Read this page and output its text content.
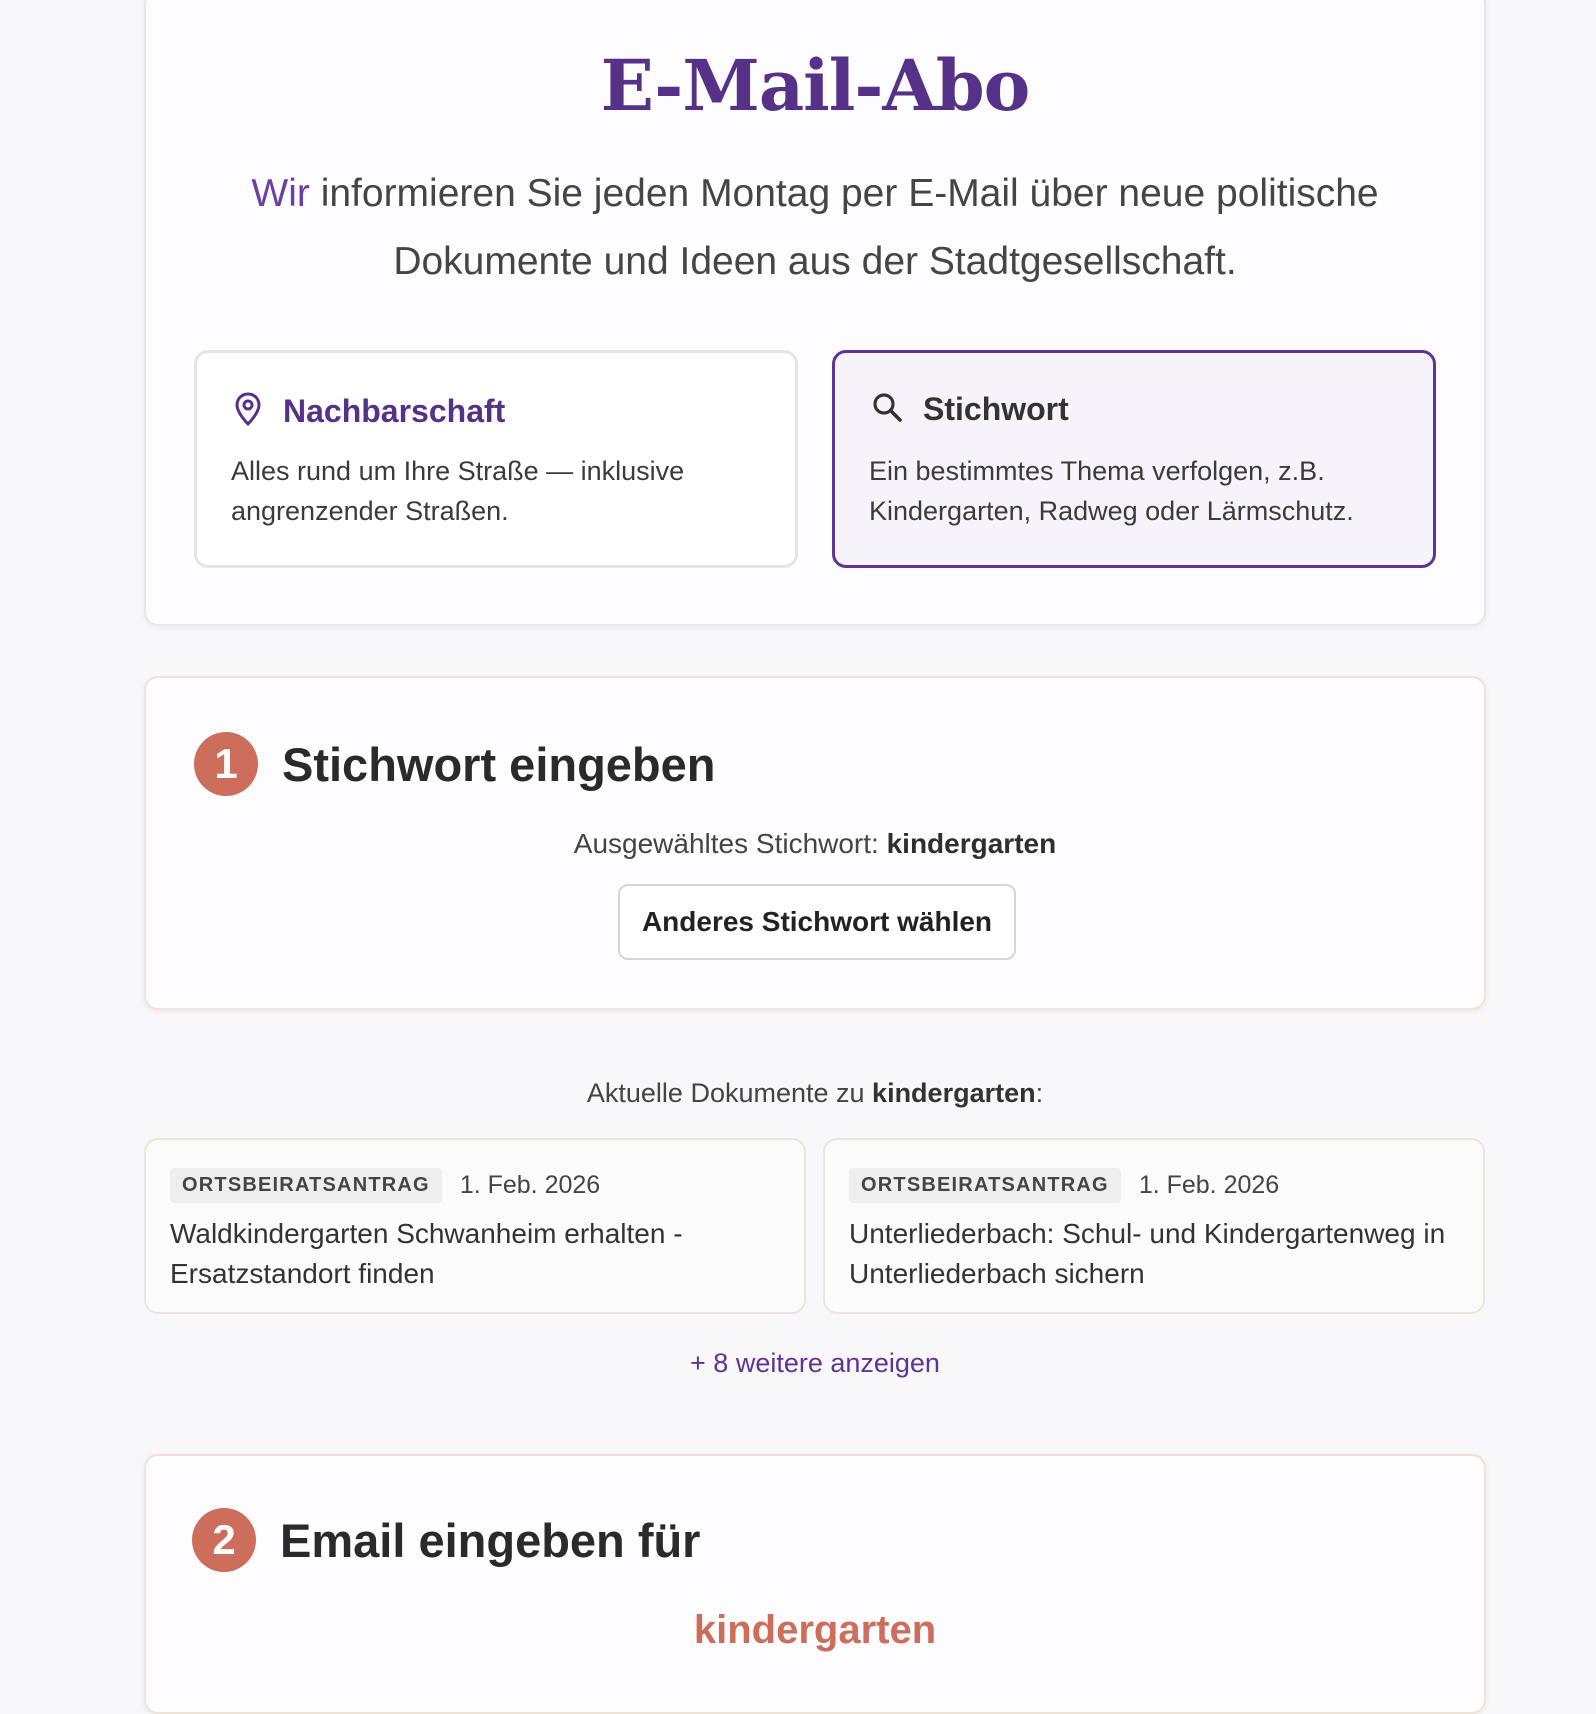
E-Mail-Abo
Wir informieren Sie jeden Montag per E-Mail über neue politische Dokumente und Ideen aus der Stadtgesellschaft.
Nachbarschaft
Alles rund um Ihre Straße — inklusive angrenzender Straßen.
Stichwort
Ein bestimmtes Thema verfolgen, z.B. Kindergarten, Radweg oder Lärmschutz.
1 Stichwort eingeben
Ausgewähltes Stichwort: kindergarten
Anderes Stichwort wählen
Aktuelle Dokumente zu kindergarten:
ORTSBEIRATSANTRAG	1. Feb. 2026
Waldkindergarten Schwanheim erhalten - Ersatzstandort finden
ORTSBEIRATSANTRAG	1. Feb. 2026
Unterliederbach: Schul- und Kindergartenweg in Unterliederbach sichern
+ 8 weitere anzeigen
2 Email eingeben für
kindergarten
